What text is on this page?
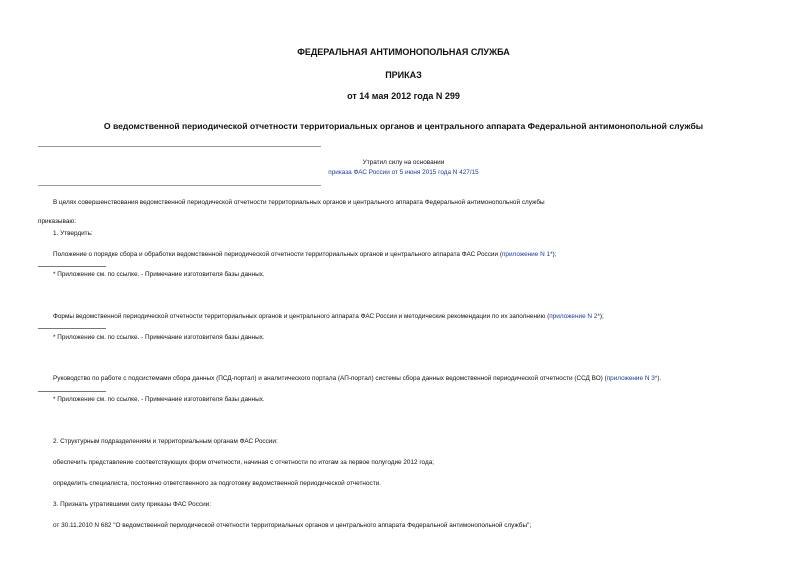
ФЕДЕРАЛЬНАЯ АНТИМОНОПОЛЬНАЯ СЛУЖБА
ПРИКАЗ
от 14 мая 2012 года N 299
О ведомственной периодической отчетности территориальных органов и центрального аппарата Федеральной антимонопольной службы
Утратил силу на основании
приказа ФАС России от 5 июня 2015 года N 427/15
В целях совершенствования ведомственной периодической отчетности территориальных органов и центрального аппарата Федеральной антимонопольной службы
приказываю:
1. Утвердить:
Положение о порядке сбора и обработки ведомственной периодической отчетности территориальных органов и центрального аппарата ФАС России (приложение N 1*);
* Приложение см. по ссылке. - Примечание изготовителя базы данных.
Формы ведомственной периодической отчетности территориальных органов и центрального аппарата ФАС России и методические рекомендации по их заполнению (приложение N 2*);
* Приложение см. по ссылке. - Примечание изготовителя базы данных.
Руководство по работе с подсистемами сбора данных (ПСД-портал) и аналитического портала (АП-портал) системы сбора данных ведомственной периодической отчетности (ССД ВО) (приложение N 3*).
* Приложение см. по ссылке. - Примечание изготовителя базы данных.
2. Структурным подразделениям и территориальным органам ФАС России:
обеспечить представление соответствующих форм отчетности, начиная с отчетности по итогам за первое полугодие 2012 года;
определить специалиста, постоянно ответственного за подготовку ведомственной периодической отчетности.
3. Признать утратившими силу приказы ФАС России:
от 30.11.2010 N 682 "О ведомственной периодической отчетности территориальных органов и центрального аппарата Федеральной антимонопольной службы";
